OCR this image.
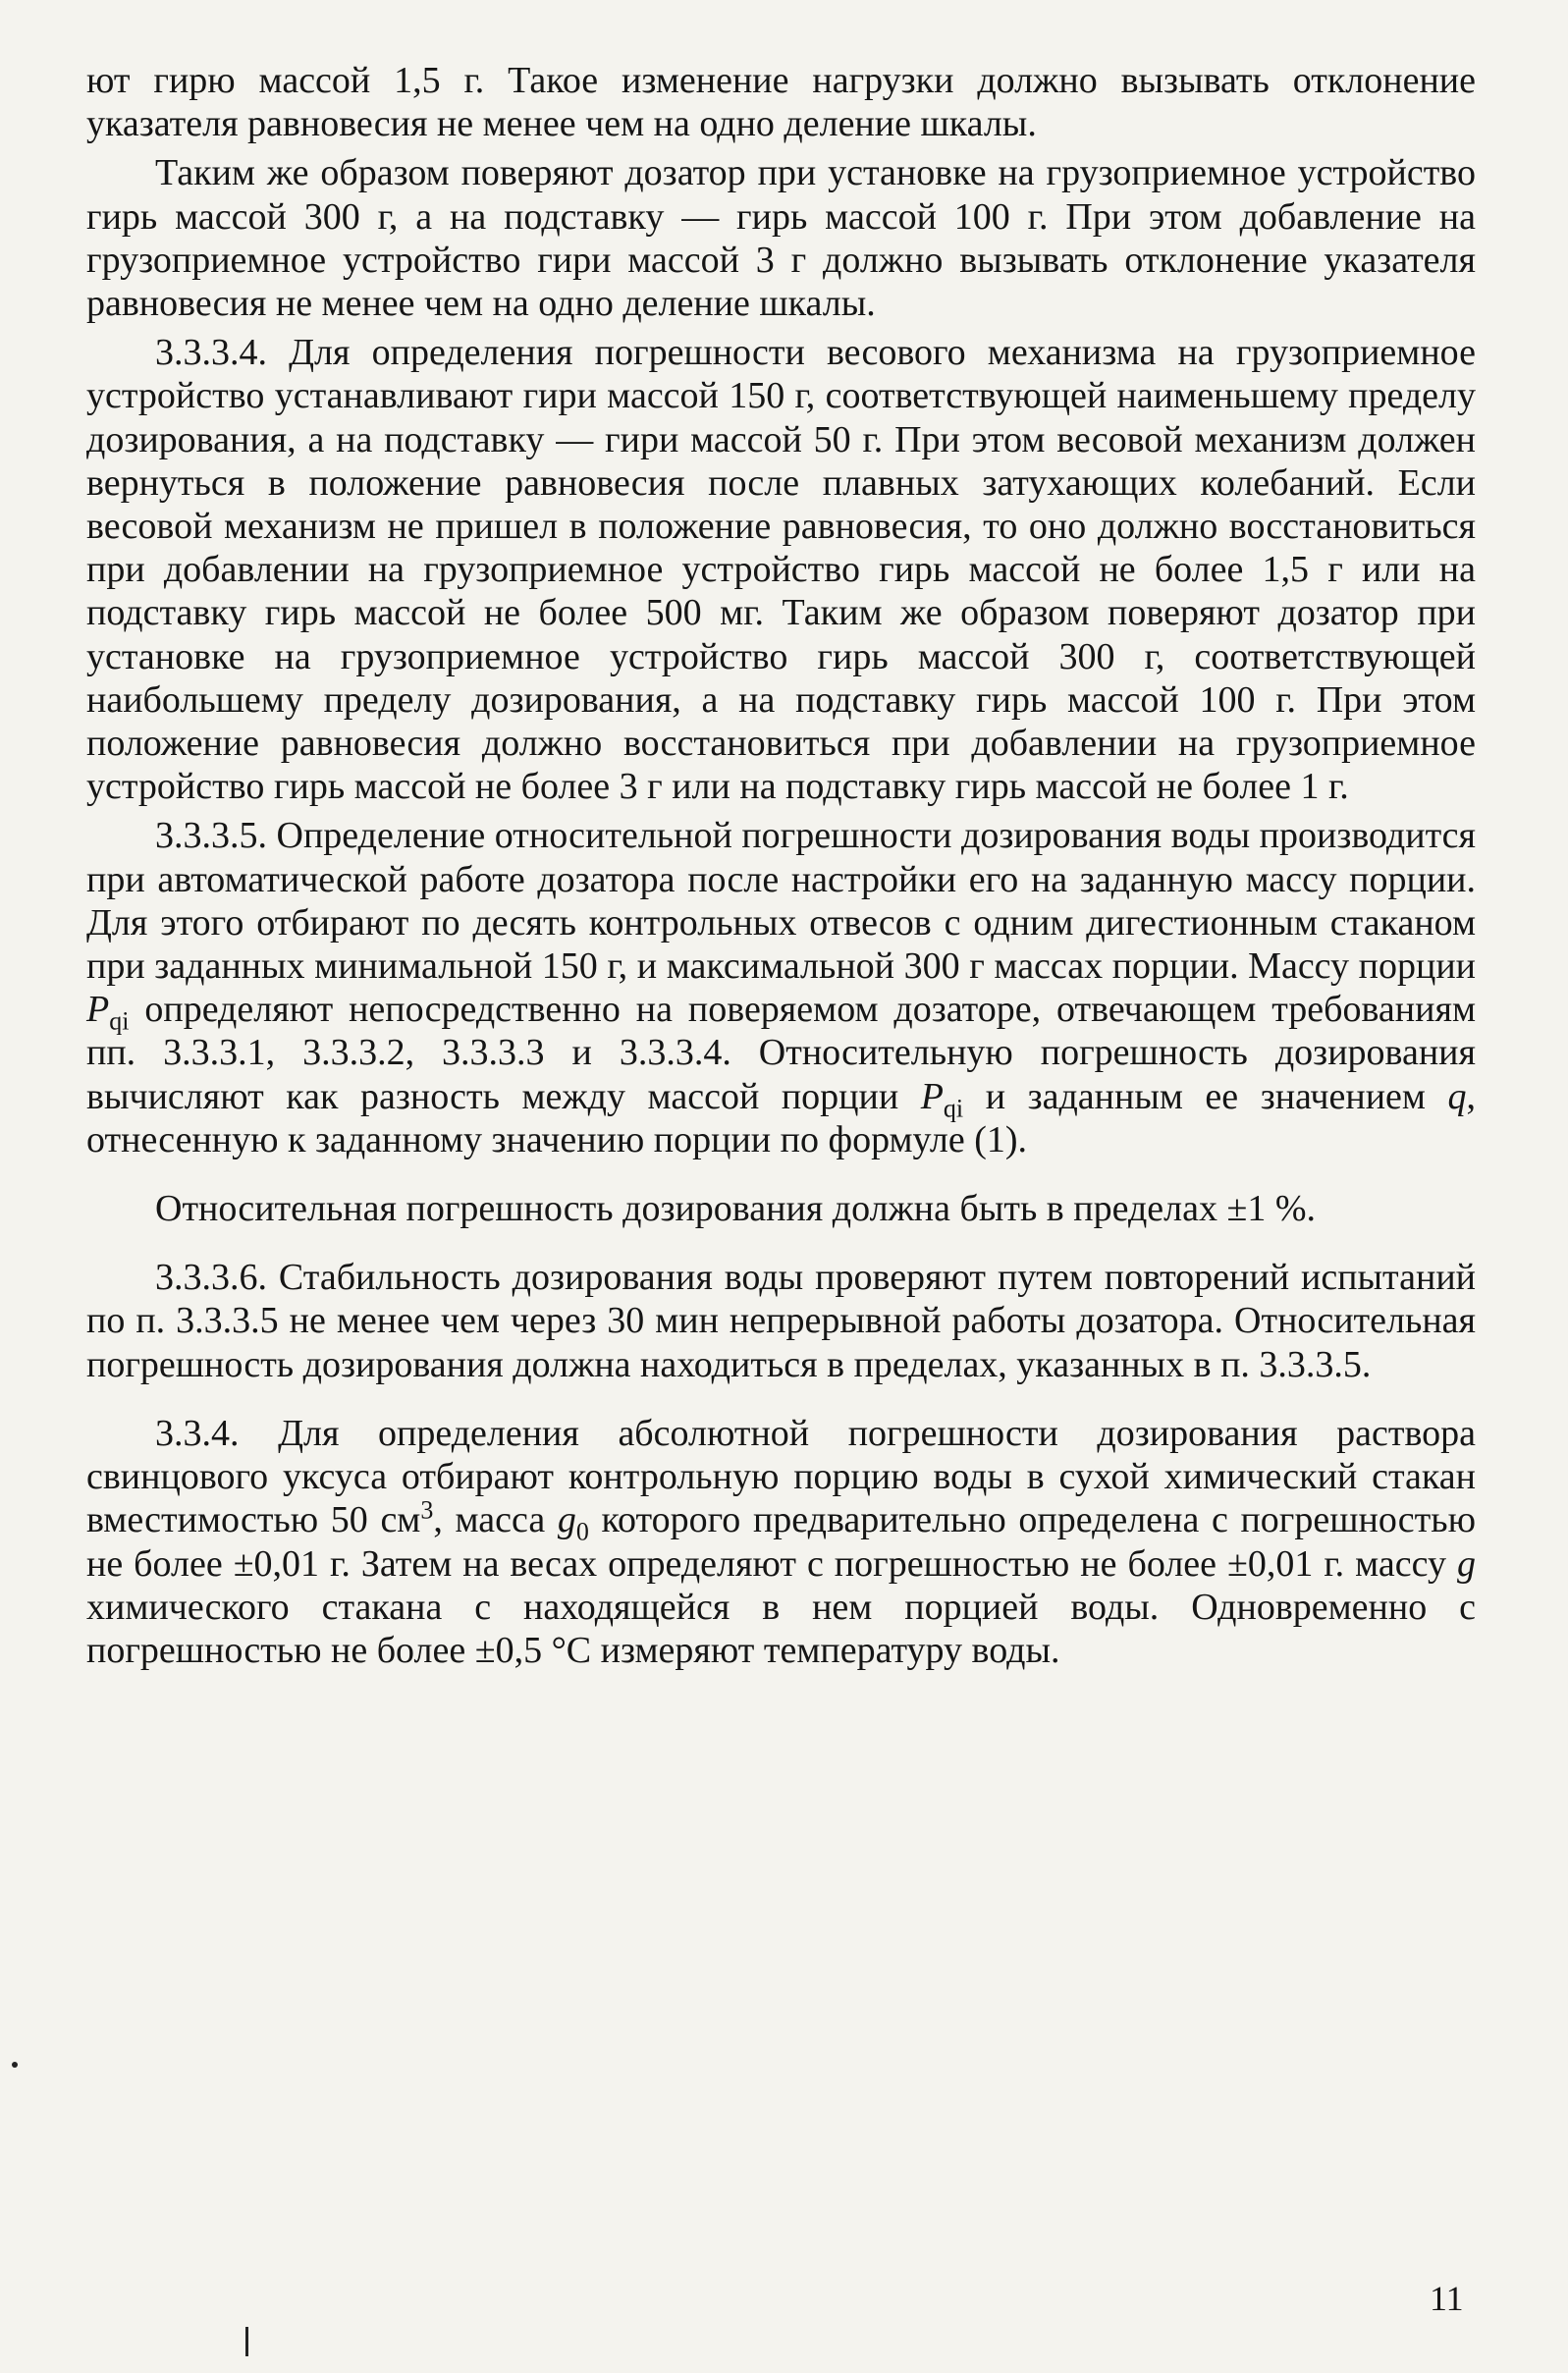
ют гирю массой 1,5 г. Такое изменение нагрузки должно вызывать отклонение указателя равновесия не менее чем на одно деление шкалы.

Таким же образом поверяют дозатор при установке на грузоприемное устройство гирь массой 300 г, а на подставку — гирь массой 100 г. При этом добавление на грузоприемное устройство гири массой 3 г должно вызывать отклонение указателя равновесия не менее чем на одно деление шкалы.

3.3.3.4. Для определения погрешности весового механизма на грузоприемное устройство устанавливают гири массой 150 г, соответствующей наименьшему пределу дозирования, а на подставку — гири массой 50 г. При этом весовой механизм должен вернуться в положение равновесия после плавных затухающих колебаний. Если весовой механизм не пришел в положение равновесия, то оно должно восстановиться при добавлении на грузоприемное устройство гирь массой не более 1,5 г или на подставку гирь массой не более 500 мг. Таким же образом поверяют дозатор при установке на грузоприемное устройство гирь массой 300 г, соответствующей наибольшему пределу дозирования, а на подставку гирь массой 100 г. При этом положение равновесия должно восстановиться при добавлении на грузоприемное устройство гирь массой не более 3 г или на подставку гирь массой не более 1 г.

3.3.3.5. Определение относительной погрешности дозирования воды производится при автоматической работе дозатора после настройки его на заданную массу порции. Для этого отбирают по десять контрольных отвесов с одним дигестионным стаканом при заданных минимальной 150 г, и максимальной 300 г массах порции. Массу порции $P_{qi}$ определяют непосредственно на поверяемом дозаторе, отвечающем требованиям пп. 3.3.3.1, 3.3.3.2, 3.3.3.3 и 3.3.3.4. Относительную погрешность дозирования вычисляют как разность между массой порции $P_{qi}$ и заданным ее значением q, отнесенную к заданному значению порции по формуле (1).

Относительная погрешность дозирования должна быть в пределах ±1 %.

3.3.3.6. Стабильность дозирования воды проверяют путем повторений испытаний по п. 3.3.3.5 не менее чем через 30 мин непрерывной работы дозатора. Относительная погрешность дозирования должна находиться в пределах, указанных в п. 3.3.3.5.

3.3.4. Для определения абсолютной погрешности дозирования раствора свинцового уксуса отбирают контрольную порцию воды в сухой химический стакан вместимостью 50 $см^3$, масса $g_0$ которого предварительно определена с погрешностью не более ±0,01 г. Затем на весах определяют с погрешностью не более ±0,01 г. массу g химического стакана с находящейся в нем порцией воды. Одновременно с погрешностью не более ±0,5 °С измеряют температуру воды.

11
